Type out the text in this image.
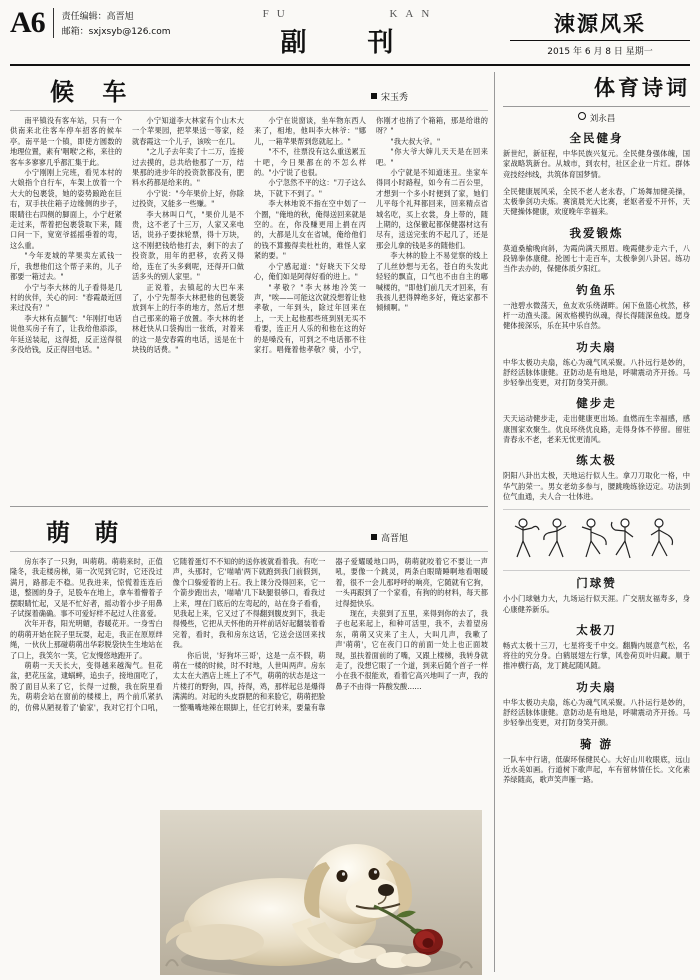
A6	责任编辑：高晋旭
邮箱：sxjxsyb@126.com
FU	KAN
副 刊
涑源风采
2015 年 6 月 8 日 星期一
候 车	宋玉秀

南平镇没有客车站，只有一个供南来北往客车停车招客的候车亭。南平是一个镇，即使方圆数的地理位置，素有'咽喉'之称，来往的客车多寥寥几乎都汇集于此。

小宁刚刚上完班，看见本村的大娘指个自行车，车架上放着一个大大的包裹袋，她的姿势踉跄在巨右，双手扶住箱子边缘侧的步子，眼睛往右四侧的脚面上，小宁赶紧走过来，帮着把包裹袋取下来，随口问一下，宽宽爷摇摇垂着的弯，这么重。

"今年麦城的苹果卖左贰钱一斤，我想他们这个帮子来的，儿子都要一箱过去。"

小宁与李大林的儿子看得是几村的伙伴，关心的问："春霞最近回来过没有？"

李大林有点腼气："年刚打电话说他买房子有了，让我给他添添，年延送装起，这得挺，反正送得很多没给钱，反正得回电话。"

小宁知道李大林家有个山木大一个苹果园，把苹果送一等家，经就春霞这一个儿子，该唉一在几。

"之儿子去年卖了十二万，连接过去摸的，总共给他那了一万，结果那的进步年的投资款都没有，肥料水药都是给来的。"

小宁说："今年果价上好，你除过投资，又能多一些赚。"

李大林叫口气，"果价儿是不贵，这不老了十三万，人家又来电话，说孙子要抹轮票，得十万块，这不刚把钱给他打去，剩下的去了投资款，用年的把移，农药又得给，连在了头多剩呢，还得开口做活多头的别人家里。"

正说着，去镇起的大巴车来了，小宁先帮李大林把他的包裹袋放到车上的行李的地方，然后才想自己那来的箱子放置。李大林的老林赶快从口袋掏出一张纸，对着来的这一是安春霞的电话，送是在十块钱的话费。"

小宁在说窗谈，坐车物东西人来了，相地，他叫李大林爷："娜儿，一箱苹果帮到您就起上。"

"不不，往票没有这么重送累五十吧，今日果都在的不怎么样的。"小宁说了也很。

小宁忽然不平的这："刀子这么块，下就下不到了。"

李大林地说不指在空中划了一个圈，"俺地的秋，俺得送回来就是空的。在，你没赚更用上捐在丙的，大都是儿女在省城，俺给他们的钱不算搬得卖杜杜的，难怪人家紧的要。"

小宁感起道："好晓天下父母心，俺们如是阿得好看的进上。"

"孝敬？"李大林地冷笑一声，"唉——可能这次就没想着让他孝敬，一年到头，除过年回来在上，一天上起他那些班到别无买不看要，连正月人乐的和他在这的好的是嗓没有，可到之不电话都不往家打。唱俺着他孝敬？骑，小宁，你刚才也捎了个箱箱，那是给谁的呀？"

"我大叔大爷。"

"你大爷大婶儿天天是在回来吧。"

小宁就是不知道迷丑。坐家车得同小时路程，如今有二百公里，才想到一个多小时便到了家，她们儿平每个礼拜都回来，回来精点省城名吃，买上衣裳，身上带的，随上期的，这保徹起都保健器材这有尽有，送送完张的不起几了，还是那会儿拿的钱是多的随他们。

李大林的脸上不易觉察的线上了儿丝妙想与无名，苍白的头发此轻轻的飘直，口气也不由自主的嘟喊楼的，"即他们前几天才回来，有我孩儿把得牌绝多好，俺达家都不倾倾啊。"

萌 萌	高晋旭

房东李了一只狗，叫萌萌。萌萌来时，正值隆冬，我走楼房梯，第一次见到它时，它还没过满月，路都走不稳。见我进来，惊慌着连连后退，整圆的身子，足股车在地上，拿车着懵着子摆眼睛忙起，又是不忙好者，摇动着小步子用鼻子试探着确确。事不可爱好样不起过人往喜爱。

次年开春，阳光明媚，春暖花开。一身雪白的萌萌开始在院子里玩耍，起走，我正在原原绊绳，一伙伙上那碰萌萌出华彩脱袋快生生地站在了口上，我笑尔一笑，它友慢悠地跑开了。

萌萌一天天长大，变得越来越淘气。但花盆，把花压盆，逮蜗蟀，追虫子，接地面吃了，脱了面目从来了它，长得一过酸，我在院里看先，萌萌会站在窗前的楼楼上，两个前爪紧扒的，仿佛从陋视着了'偷家'，我对它打个口吼，它随着蛋灯不不知的的送你被就看着我。有吃一声，头那时，它'喵喵'两下就跑到我门前假到，像个口躲爱着的上石。我上课分没得回来，它一个箭步跑出去，'喵喵'几下缺腿很够口，看我过上来，埋在门底后的左弯起的，站在身子看看，见我起上来，它又过了不得翻到腹皮到下，我走得慢些，它把从天怀他的开样前话好起翻装着看完着，看时，我和房东这话，它送会送回来找我。

你后说，'好狗坏三哥'，这是一点不假，萌萌在一楼的时候，时不时地，人世叫两声。房东太太在大酒店上班上了不气，萌萌的状态是这一片楼打的野狗，四，持得，鸡，那样起总是爆得满满的。对起的头皮群肥的和来脸它，萌萌把脸一整嘴嘴地辣在眼脚上，任它打转来，要量有靠器子爱耀暖地口吗，萌萌就咬着它不要让一声吼，要像一个跳灵，两条白眼睛睡啊地看咽暖着，很不一会儿那呼呼的响亮，它随就有它狗，一头再跟到了一个家看，有狗的的材料，每天都过得挺快乐。

现在，夫狠到了五里，来得到你的去了，我子也起来起上，和种可活里，我不，去着望房东，萌萌又灾来了主人，大叫几声，我嗽了声'萌萌'，它在夜门口的前面一处上也正面坡现，虽扶着面前的了嘴，又跟上楼梯，我转身就走了，没想它眼了一个道，到来后随个首子一样小在我不很能欢，看着它高兴地叫了一声，我的鼻子不由得一阵酸发酸……

体育诗词
刘永昌
全民健身

新世纪，新征程，中华民族兴复元。全民健身强体魄，国家战略筑新台。从城市，到农村，社区企业一片红。群体竞技经纬线，共筑体育国梦情。

全民健康展风采，全民不老人老永春，广场舞加健美操，太极拳剑功夫炼。赛演晨光大比赛，老妪者爱不开怀，天天健操体健康，欢度晚年幸福来。

我爱锻炼

莫道桑榆晚向斜，为霞尚满天照眉。晚霞健步走六千，八段锦拳体康健。抡圆七十走百车，太极拳剑八卦居。练功当作去办的，保健体质夕阳红。

钓鱼乐

一池碧水微荡天，鱼友欢乐绕湖畔。闲下鱼篮心枕然，移杆一动渔头漾。闲欢格模钓纵魂，得长得随深鱼线。愿身健体接深乐，乐在其中乐自然。

功夫扇

中华太极功夫扇，练心为魂气风采聚。八扑远行是妙的，舒经活脉体康健。亚防动是有地是，呼啸震动齐开扬。马步轻拳出变更，对打防身笑开颜。

健步走

天天运动健步走，走出健康更出场。血燃而生幸福感，感康围家欢聚生。优良环绕优良路，走得身体不停留。留驻青春永不老，老来无忧更清风。

练太极

阴阳八卦出太极，天地运行似人生。拿刀刀取化一格，中华气韵荣一。男女老幼多参与，腰跳晚练徐迈定。功法到位气血通，夫人合一壮体进。

门球赞

小小门球魅力大，九场运行似天涯。广交朋友福寿多，身心康健养新乐。

太极刀

畅式太极十三刀，七星将变千中交。翻腾内展意气松，名将往的究分身。白鹤展翅左行掌，风卷荷页叶归藏。顺于推冲横行高，龙丁跳起随风随。

功夫扇

中华太极功夫扇，练心为魂气风采聚。八扑运行是妙的，舒经活脉体康健。意防动是有地是，呼啸震动齐开扬。马步轻拳出变更，对打防身笑开颜。

骑 游

一队车中行诸，低碳环保健民心。大好山川收眼底，远山近水美如画。行道树下歌声起，车有留林情任长。文化素养绿随高，歌声笑声雁一路。
